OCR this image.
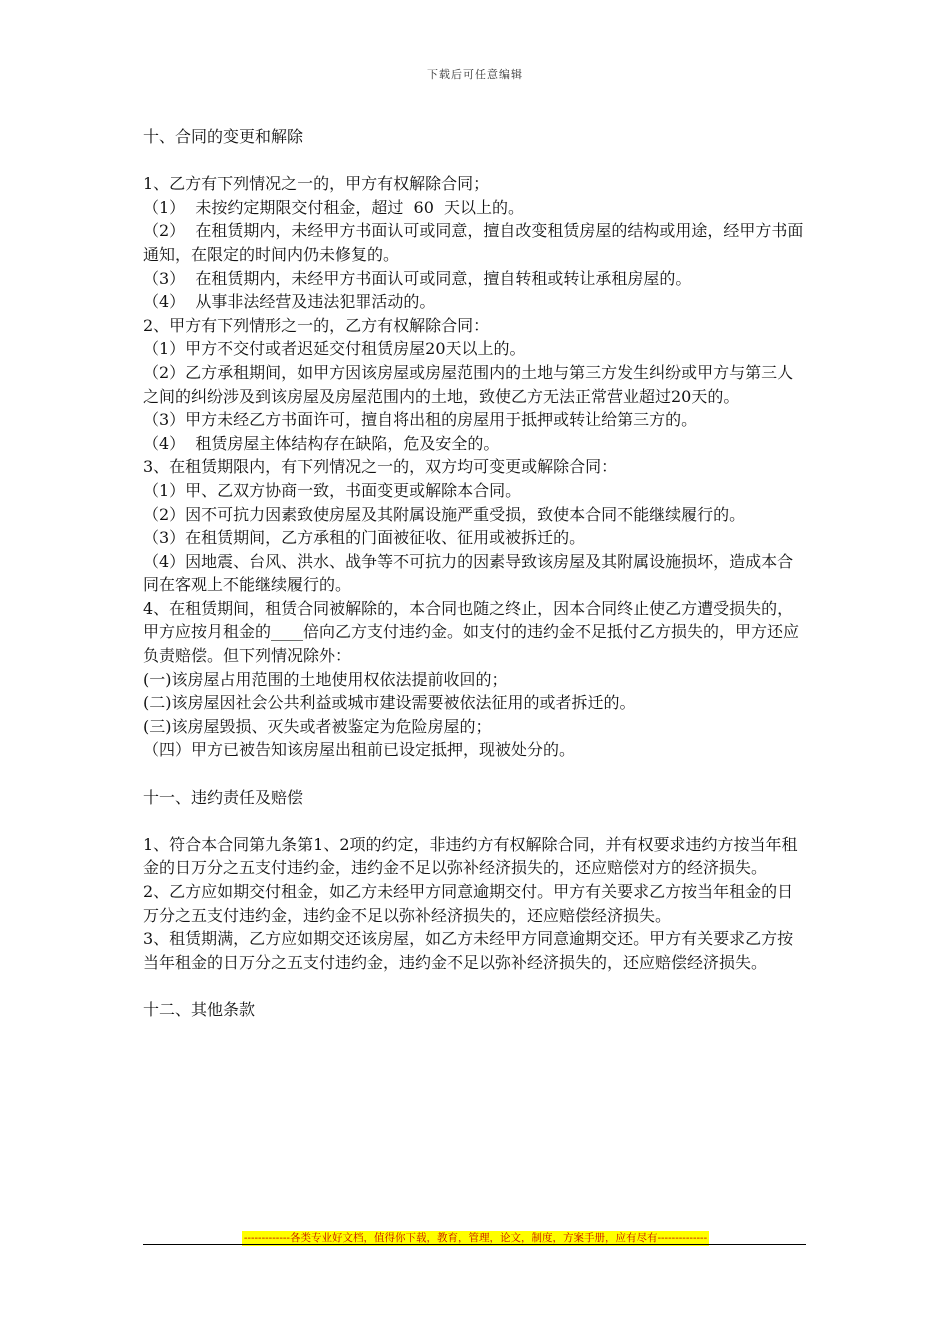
下载后可任意编辑

十、合同的变更和解除

1、乙方有下列情况之一的，甲方有权解除合同；

（1）  未按约定期限交付租金，超过  60  天以上的。

（2）  在租赁期内，未经甲方书面认可或同意，擅自改变租赁房屋的结构或用途，经甲方书面通知，在限定的时间内仍未修复的。

（3）  在租赁期内，未经甲方书面认可或同意，擅自转租或转让承租房屋的。

（4）  从事非法经营及违法犯罪活动的。

2、甲方有下列情形之一的，乙方有权解除合同：

（1）甲方不交付或者迟延交付租赁房屋20天以上的。

（2）乙方承租期间，如甲方因该房屋或房屋范围内的土地与第三方发生纠纷或甲方与第三人之间的纠纷涉及到该房屋及房屋范围内的土地，致使乙方无法正常营业超过20天的。

（3）甲方未经乙方书面许可，擅自将出租的房屋用于抵押或转让给第三方的。

（4）  租赁房屋主体结构存在缺陷，危及安全的。

3、在租赁期限内，有下列情况之一的，双方均可变更或解除合同：

（1）甲、乙双方协商一致，书面变更或解除本合同。

（2）因不可抗力因素致使房屋及其附属设施严重受损，致使本合同不能继续履行的。

（3）在租赁期间，乙方承租的门面被征收、征用或被拆迁的。

（4）因地震、台风、洪水、战争等不可抗力的因素导致该房屋及其附属设施损坏，造成本合同在客观上不能继续履行的。

4、在租赁期间，租赁合同被解除的，本合同也随之终止，因本合同终止使乙方遭受损失的，甲方应按月租金的____倍向乙方支付违约金。如支付的违约金不足抵付乙方损失的，甲方还应负责赔偿。但下列情况除外：

(一)该房屋占用范围的土地使用权依法提前收回的；

(二)该房屋因社会公共利益或城市建设需要被依法征用的或者拆迁的。

(三)该房屋毁损、灭失或者被鉴定为危险房屋的；

（四）甲方已被告知该房屋出租前已设定抵押，现被处分的。

十一、违约责任及赔偿

1、符合本合同第九条第1、2项的约定，非违约方有权解除合同，并有权要求违约方按当年租金的日万分之五支付违约金，违约金不足以弥补经济损失的，还应赔偿对方的经济损失。

2、乙方应如期交付租金，如乙方未经甲方同意逾期交付。甲方有关要求乙方按当年租金的日万分之五支付违约金，违约金不足以弥补经济损失的，还应赔偿经济损失。

3、租赁期满，乙方应如期交还该房屋，如乙方未经甲方同意逾期交还。甲方有关要求乙方按当年租金的日万分之五支付违约金，违约金不足以弥补经济损失的，还应赔偿经济损失。

十二、其他条款

-------------各类专业好文档，值得你下载，教育，管理，论文，制度，方案手册，应有尽有--------------
